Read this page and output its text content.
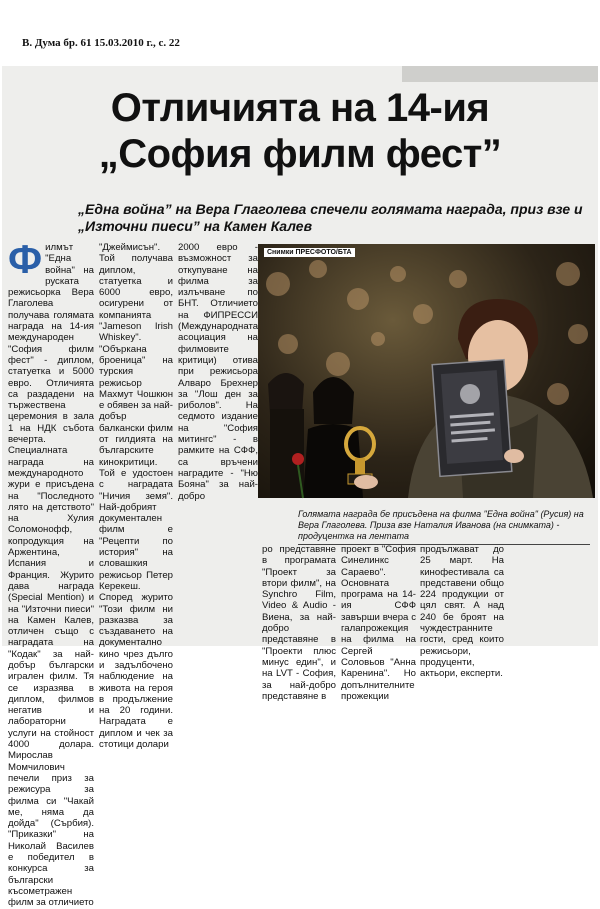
В. Дума бр. 61 15.03.2010 г., с. 22
Отличията на 14-ия
„София филм фест”
„Една война” на Вера Глаголева спечели голямата награда, приз взе и „Източни пиеси” на Камен Калев

Филмът "Една война" на руската режисьорка Вера Глаголева получава голямата награда на 14-ия международен "София филм фест" - диплом, статуетка и 5000 евро. Отличията са раздадени на тържествена церемония в зала 1 на НДК събота вечерта. Специалната награда на международното жури е присъдена на "Последното лято на детството" на Хулия Соломонофф, копродукция на Аржентина, Испания и Франция. Журито дава награда (Special Mention) и на "Източни пиеси" на Камен Калев, отличен също с наградата на "Кодак" за най-добър български игрален филм. Тя се изразява в диплом, филмов негатив и лабораторни услуги на стойност 4000 долара. Мирослав Момчилович печели приз за режисура за филма си "Чакай ме, няма да дойда" (Сърбия). "Приказки" на Николай Василев е победител в конкурса за български късометражен филм за отличието

"Джеймисън". Той получава диплом, статуетка и 6000 евро, осигурени от компанията "Jameson Irish Whiskey". "Обърканa броеница" на турския режисьор Махмут Чошкюн е обявен за най-добър балкански филм от гилдията на българските кинокритици. Той е удостоен с наградата "Ничия земя". Най-добрият документален филм е "Рецепти по история" на словашкия режисьор Петер Керекеш. Според журито "Този филм ни разказва за създаването на документално кино чрез дълго и задълбочено наблюдение на живота на героя в продължение на 20 години. Наградата е диплом и чек за стотици долари

2000 евро - възможност за откупуване на филма за излъчване по БНТ. Отличието на ФИПРЕССИ (Международната асоциация на филмовите критици) отива при режисьора Алваро Брехнер за "Лош ден за риболов". На седмото издание на "София митингс" - в рамките на СФФ, са връчени наградите - "Ню Бояна" за най-добро

Снимки ПРЕСФОТО/БТА

Голямата награда бе присъдена на филма "Една война" (Русия) на Вера Глаголева. Приза взе Наталия Иванова (на снимката) - продуцентка на лентата

ро представяне в програмата "Проект за втори филм", на Synchro Film, Video & Audio - Виена, за най-добро представяне в "Проекти плюс минус един", и на LVT - София, за най-добро представяне в

проект в "София Синелинкс Сараево". Основната програма на 14-ия СФФ завърши вчера с галапрожекция на филма на Сергей Соловьов "Анна Каренина". Но допълнителните прожекции

продължават до 25 март. На кинофестивала са представени общо 224 продукции от цял свят. А над 240 бе броят на чуждестранните гости, сред които режисьори, продуценти, актьори, експерти.
